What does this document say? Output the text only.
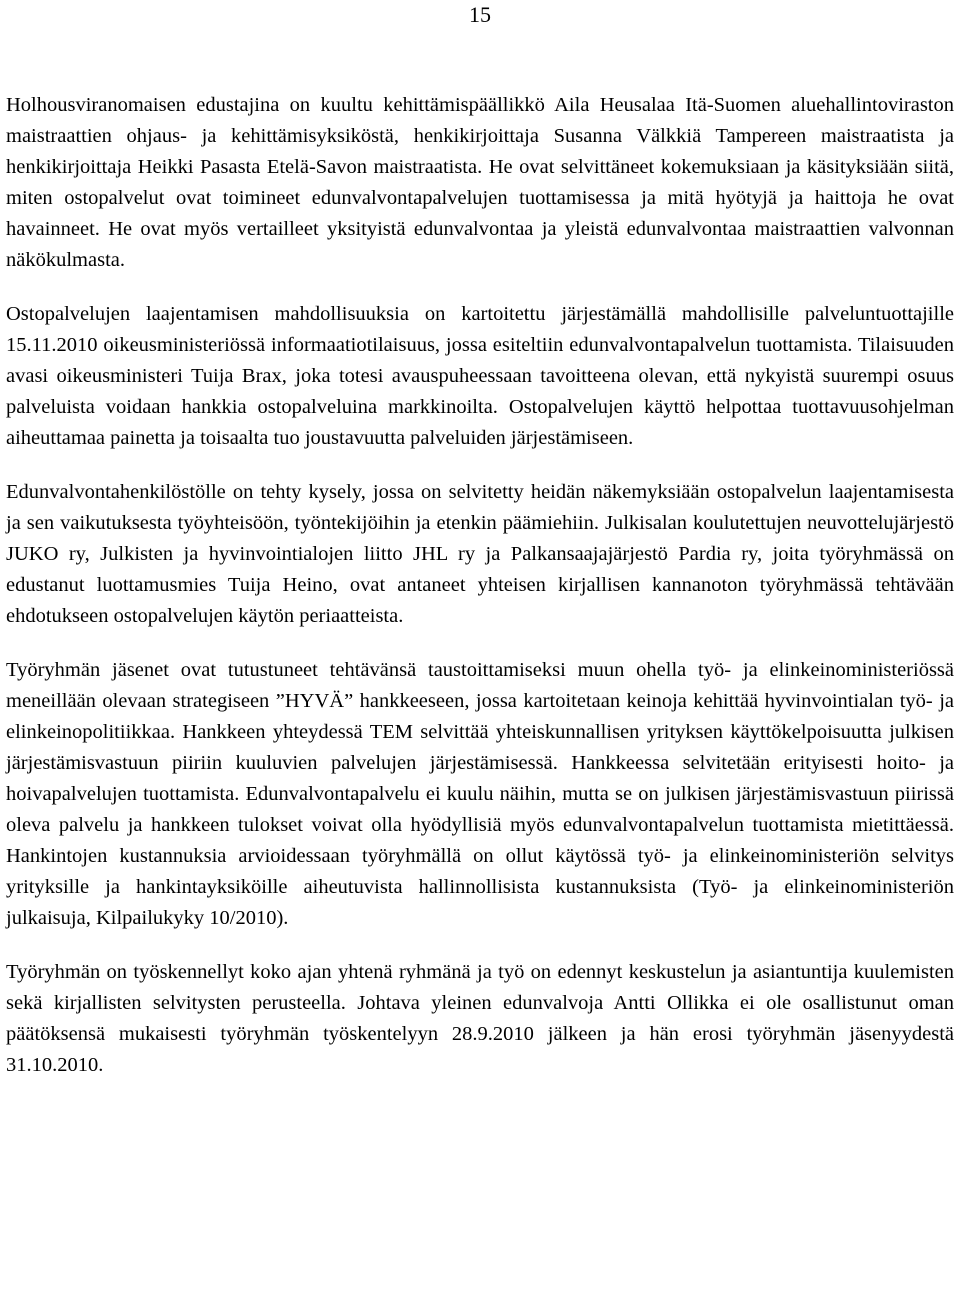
15

Holhousviranomaisen edustajina on kuultu kehittämispäällikkö Aila Heusalaa Itä-Suomen aluehallintoviraston maistraattien ohjaus- ja kehittämisyksiköstä, henkikirjoittaja Susanna Välkkiä Tampereen maistraatista ja henkikirjoittaja Heikki Pasasta Etelä-Savon maistraatista. He ovat selvittäneet kokemuksiaan ja käsityksiään siitä, miten ostopalvelut ovat toimineet edunvalvontapalvelujen tuottamisessa ja mitä hyötyjä ja haittoja he ovat havainneet. He ovat myös vertailleet yksityistä edunvalvontaa ja yleistä edunvalvontaa maistraattien valvonnan näkökulmasta.

Ostopalvelujen laajentamisen mahdollisuuksia on kartoitettu järjestämällä mahdollisille palveluntuottajille 15.11.2010 oikeusministeriössä informaatiotilaisuus, jossa esiteltiin edunvalvontapalvelun tuottamista. Tilaisuuden avasi oikeusministeri Tuija Brax, joka totesi avauspuheessaan tavoitteena olevan, että nykyistä suurempi osuus palveluista voidaan hankkia ostopalveluina markkinoilta. Ostopalvelujen käyttö helpottaa tuottavuusohjelman aiheuttamaa painetta ja toisaalta tuo joustavuutta palveluiden järjestämiseen.

Edunvalvontahenkilöstölle on tehty kysely, jossa on selvitetty heidän näkemyksiään ostopalvelun laajentamisesta ja sen vaikutuksesta työyhteisöön, työntekijöihin ja etenkin päämiehiin. Julkisalan koulutettujen neuvottelujärjestö JUKO ry, Julkisten ja hyvinvointialojen liitto JHL ry ja Palkansaajajärjestö Pardia ry, joita työryhmässä on edustanut luottamusmies Tuija Heino, ovat antaneet yhteisen kirjallisen kannanoton työryhmässä tehtävään ehdotukseen ostopalvelujen käytön periaatteista.

Työryhmän jäsenet ovat tutustuneet tehtävänsä taustoittamiseksi muun ohella työ- ja elinkeinoministeriössä meneillään olevaan strategiseen ”HYVÄ” hankkeeseen, jossa kartoitetaan keinoja kehittää hyvinvointialan työ- ja elinkeinopolitiikkaa. Hankkeen yhteydessä TEM selvittää yhteiskunnallisen yrityksen käyttökelpoisuutta julkisen järjestämisvastuun piiriin kuuluvien palvelujen järjestämisessä. Hankkeessa selvitetään erityisesti hoito- ja hoivapalvelujen tuottamista. Edunvalvontapalvelu ei kuulu näihin, mutta se on julkisen järjestämisvastuun piirissä oleva palvelu ja hankkeen tulokset voivat olla hyödyllisiä myös edunvalvontapalvelun tuottamista mietittäessä. Hankintojen kustannuksia arvioidessaan työryhmällä on ollut käytössä työ- ja elinkeinoministeriön selvitys yrityksille ja hankintayksiköille aiheutuvista hallinnollisista kustannuksista (Työ- ja elinkeinoministeriön julkaisuja, Kilpailukyky 10/2010).

Työryhmän on työskennellyt koko ajan yhtenä ryhmänä ja työ on edennyt keskustelun ja asiantuntija kuulemisten sekä kirjallisten selvitysten perusteella. Johtava yleinen edunvalvoja Antti Ollikka ei ole osallistunut oman päätöksensä mukaisesti työryhmän työskentelyyn 28.9.2010 jälkeen ja hän erosi työryhmän jäsenyydestä 31.10.2010.
